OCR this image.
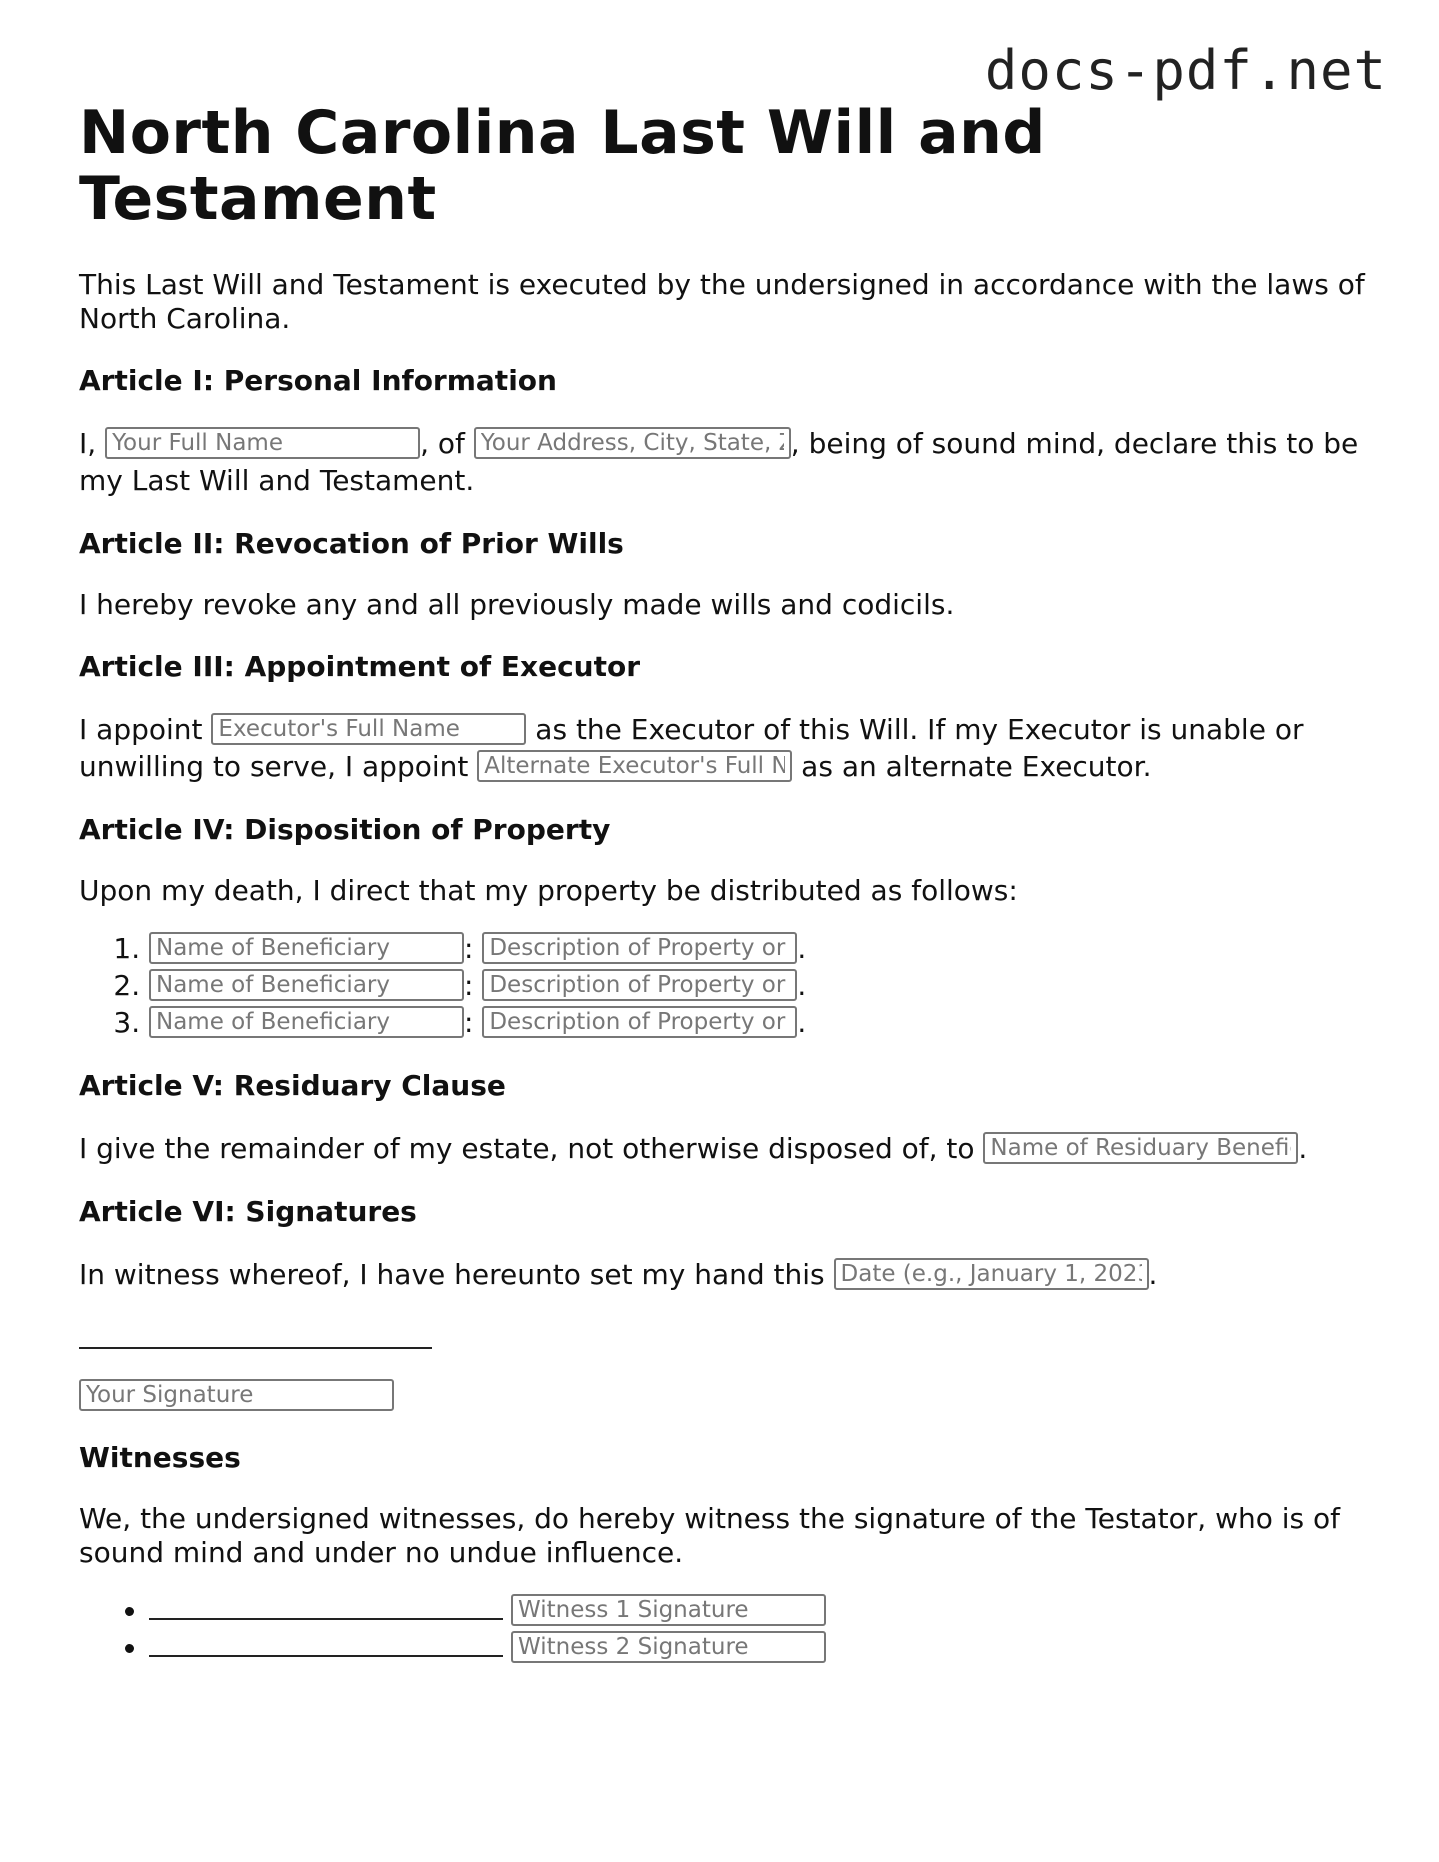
docs-pdf.net
North Carolina Last Will and Testament

This Last Will and Testament is executed by the undersigned in accordance with the laws of North Carolina.

Article I: Personal Information

I, Your Full Name	, of Your Address, City, State, Zip	, being of sound mind, declare this to be my Last Will and Testament.

Article II: Revocation of Prior Wills

I hereby revoke any and all previously made wills and codicils.

Article III: Appointment of Executor

I appoint Executor's Full Name	as the Executor of this Will. If my Executor is unable or unwilling to serve, I appoint Alternate Executor's Full Name	as an alternate Executor.

Article IV: Disposition of Property

Upon my death, I direct that my property be distributed as follows:

Name of Beneficiary 1. : Description of Property or Asset	.
Name of Beneficiary 2. : Description of Property or Asset	.
Name of Beneficiary 3. : Description of Property or Asset	.
Article V: Residuary Clause

I give the remainder of my estate, not otherwise disposed of, to Name of Residuary Beneficiary	.

Article VI: Signatures

In witness whereof, I have hereunto set my hand this Date (e.g., January 1, 2023)	.

Your Signature
Witnesses

We, the undersigned witnesses, do hereby witness the signature of the Testator, who is of sound mind and under no undue influence.

• Witness 1 Signature
• Witness 2 Signature
